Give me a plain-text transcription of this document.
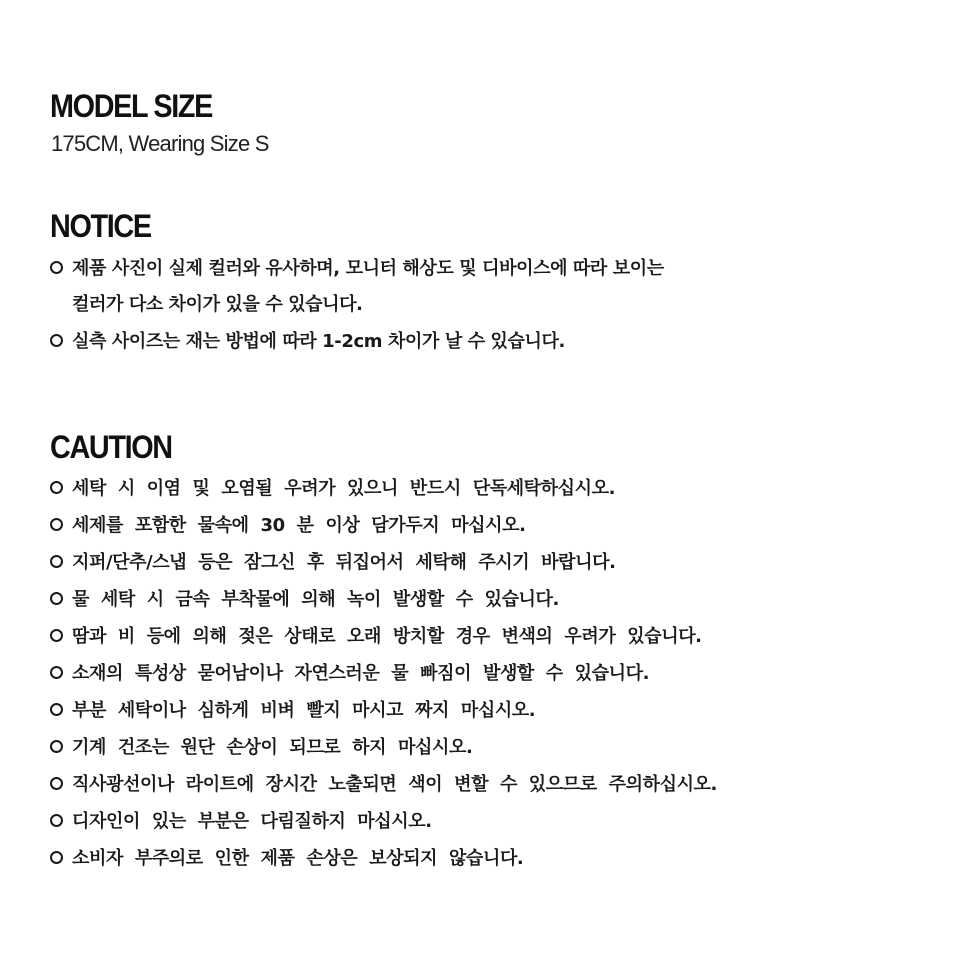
MODEL SIZE

175CM, Wearing Size S

NOTICE
제품 사진이 실제 컬러와 유사하며, 모니터 해상도 및 디바이스에 따라 보이는
컬러가 다소 차이가 있을 수 있습니다.
실측 사이즈는 재는 방법에 따라 1-2cm 차이가 날 수 있습니다.
CAUTION
세탁 시 이염 및 오염될 우려가 있으니 반드시 단독세탁하십시오.
세제를 포함한 물속에 30 분 이상 담가두지 마십시오.
지퍼/단추/스냅 등은 잠그신 후 뒤집어서 세탁해 주시기 바랍니다.
물 세탁 시 금속 부착물에 의해 녹이 발생할 수 있습니다.
땀과 비 등에 의해 젖은 상태로 오래 방치할 경우 변색의 우려가 있습니다.
소재의 특성상 묻어남이나 자연스러운 물 빠짐이 발생할 수 있습니다.
부분 세탁이나 심하게 비벼 빨지 마시고 짜지 마십시오.
기계 건조는 원단 손상이 되므로 하지 마십시오.
직사광선이나 라이트에 장시간 노출되면 색이 변할 수 있으므로 주의하십시오.
디자인이 있는 부분은 다림질하지 마십시오.
소비자 부주의로 인한 제품 손상은 보상되지 않습니다.
